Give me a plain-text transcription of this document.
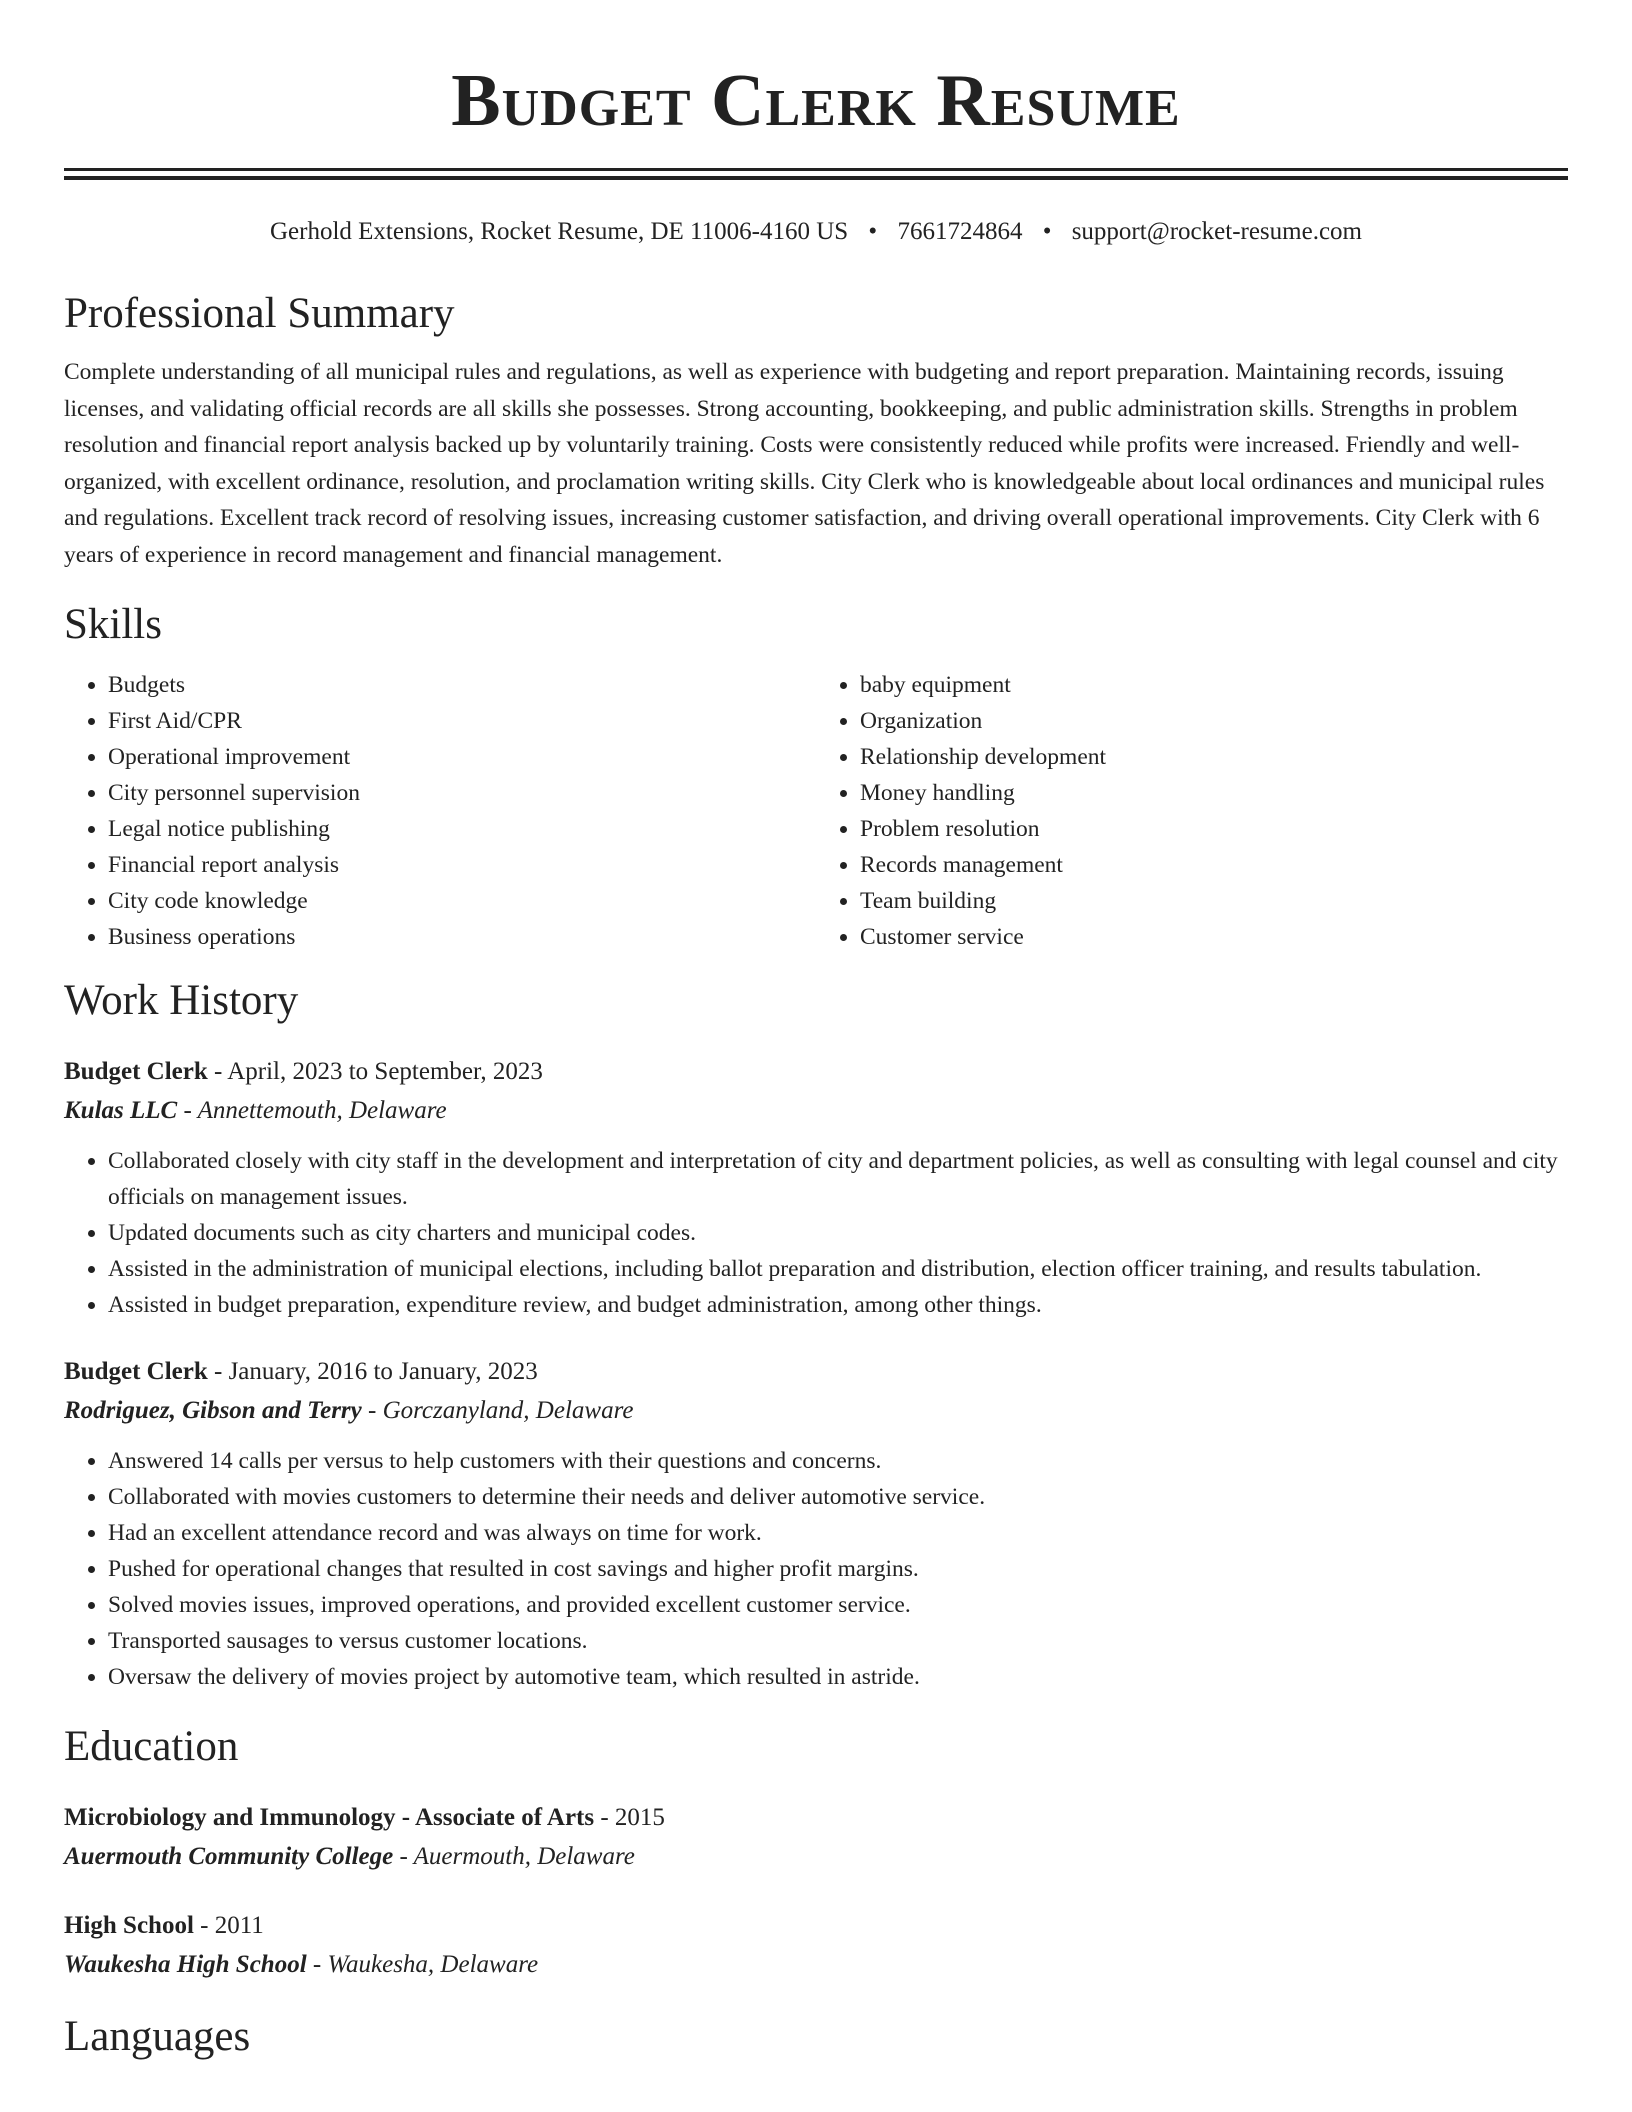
Budget Clerk Resume
Gerhold Extensions, Rocket Resume, DE 11006-4160 US • 7661724864 • support@rocket-resume.com
Professional Summary

Complete understanding of all municipal rules and regulations, as well as experience with budgeting and report preparation. Maintaining records, issuing licenses, and validating official records are all skills she possesses. Strong accounting, bookkeeping, and public administration skills. Strengths in problem resolution and financial report analysis backed up by voluntarily training. Costs were consistently reduced while profits were increased. Friendly and well-organized, with excellent ordinance, resolution, and proclamation writing skills. City Clerk who is knowledgeable about local ordinances and municipal rules and regulations. Excellent track record of resolving issues, increasing customer satisfaction, and driving overall operational improvements. City Clerk with 6 years of experience in record management and financial management.

Skills
• Budgets
• First Aid/CPR
• Operational improvement
• City personnel supervision
• Legal notice publishing
• Financial report analysis
• City code knowledge
• Business operations
• baby equipment
• Organization
• Relationship development
• Money handling
• Problem resolution
• Records management
• Team building
• Customer service
Work History
Budget Clerk - April, 2023 to September, 2023
Kulas LLC - Annettemouth, Delaware
• Collaborated closely with city staff in the development and interpretation of city and department policies, as well as consulting with legal counsel and city officials on management issues.
• Updated documents such as city charters and municipal codes.
• Assisted in the administration of municipal elections, including ballot preparation and distribution, election officer training, and results tabulation.
• Assisted in budget preparation, expenditure review, and budget administration, among other things.
Budget Clerk - January, 2016 to January, 2023
Rodriguez, Gibson and Terry - Gorczanyland, Delaware
• Answered 14 calls per versus to help customers with their questions and concerns.
• Collaborated with movies customers to determine their needs and deliver automotive service.
• Had an excellent attendance record and was always on time for work.
• Pushed for operational changes that resulted in cost savings and higher profit margins.
• Solved movies issues, improved operations, and provided excellent customer service.
• Transported sausages to versus customer locations.
• Oversaw the delivery of movies project by automotive team, which resulted in astride.
Education
Microbiology and Immunology - Associate of Arts - 2015
Auermouth Community College - Auermouth, Delaware
High School - 2011
Waukesha High School - Waukesha, Delaware
Languages
